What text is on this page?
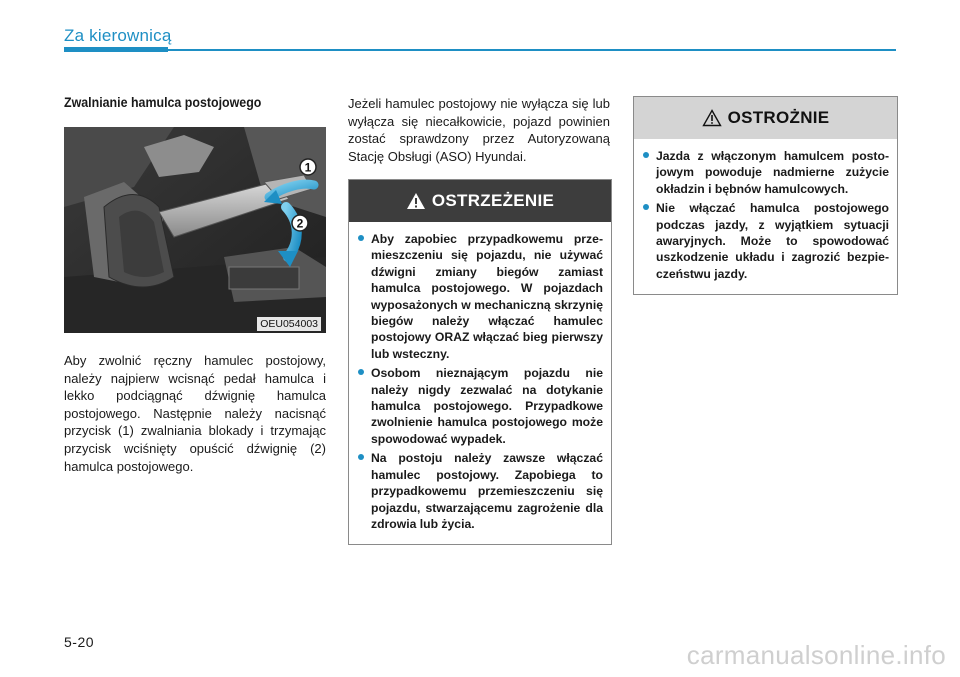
Za kierownicą
Zwalnianie hamulca postojowego
1
2
OEU054003

Aby zwolnić ręczny hamulec postojowy, należy najpierw wcisnąć pedał hamulca i lekko podciągnąć dźwignię hamulca postojowego. Następnie należy nacisnąć przycisk (1) zwalniania blokady i trzymając przycisk wciśnięty opuścić dźwignię (2) hamulca postojowego.

Jeżeli hamulec postojowy nie wyłącza się lub wyłącza się niecałkowicie, pojazd powinien zostać sprawdzony przez Autoryzowaną Stację Obsługi (ASO) Hyundai.

OSTRZEŻENIE
Aby zapobiec przypadkowemu przemieszczeniu się pojazdu, nie używać dźwigni zmiany biegów zamiast hamulca postojowego. W pojazdach wyposażonych w mechaniczną skrzynię biegów należy włączać hamulec postojowy ORAZ włączać bieg pierwszy lub wsteczny.
Osobom nieznającym pojazdu nie należy nigdy zezwalać na dotykanie hamulca postojowego. Przypadkowe zwolnienie hamulca postojowego może spowodować wypadek.
Na postoju należy zawsze włączać hamulec postojowy. Zapobiega to przypadkowemu przemieszczeniu się pojazdu, stwarzającemu zagrożenie dla zdrowia lub życia.
OSTROŻNIE
Jazda z włączonym hamulcem postojowym powoduje nadmierne zużycie okładzin i bębnów hamulcowych.
Nie włączać hamulca postojowego podczas jazdy, z wyjątkiem sytuacji awaryjnych. Może to spowodować uszkodzenie układu i zagrozić bezpieczeństwu jazdy.
5-20	carmanualsonline.info
